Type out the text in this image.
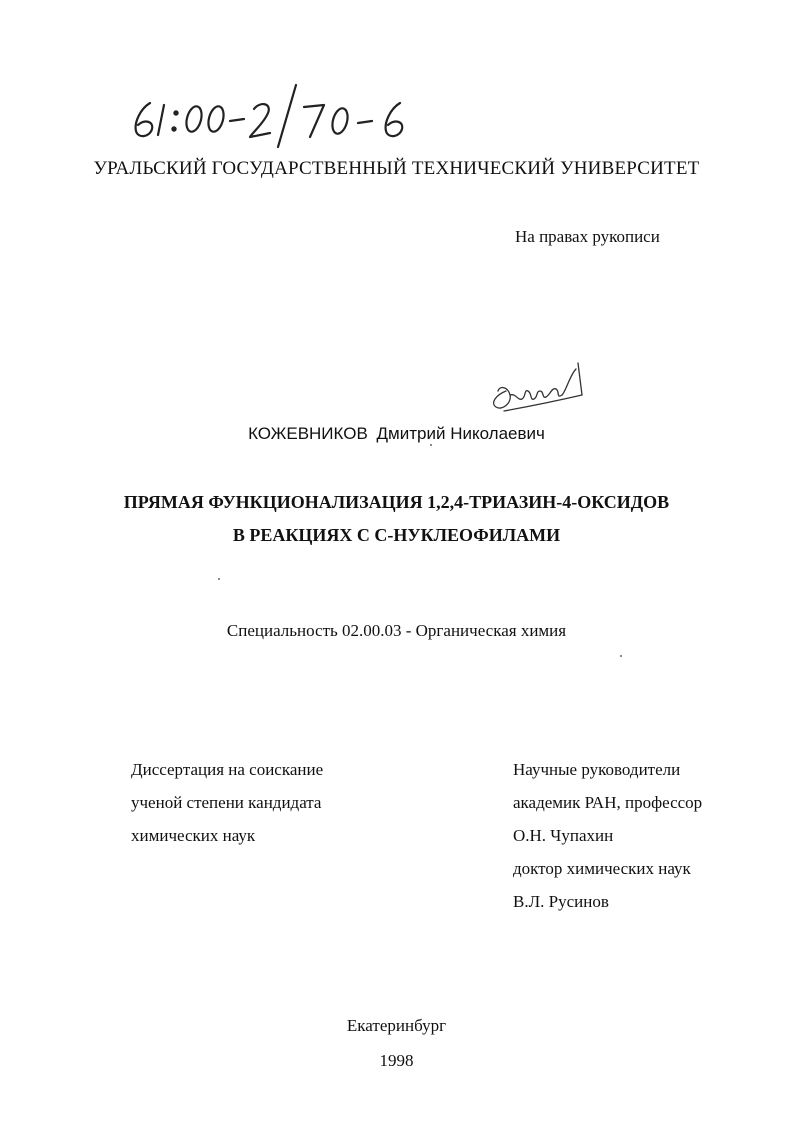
УРАЛЬСКИЙ ГОСУДАРСТВЕННЫЙ ТЕХНИЧЕСКИЙ УНИВЕРСИТЕТ
На правах рукописи
КОЖЕВНИКОВ Дмитрий Николаевич
ПРЯМАЯ ФУНКЦИОНАЛИЗАЦИЯ 1,2,4-ТРИАЗИН-4-ОКСИДОВ
В РЕАКЦИЯХ С С-НУКЛЕОФИЛАМИ
Специальность 02.00.03 - Органическая химия
Диссертация на соискание
ученой степени кандидата
химических наук
Научные руководители
академик РАН, профессор
О.Н. Чупахин
доктор химических наук
В.Л. Русинов
Екатеринбург
1998
